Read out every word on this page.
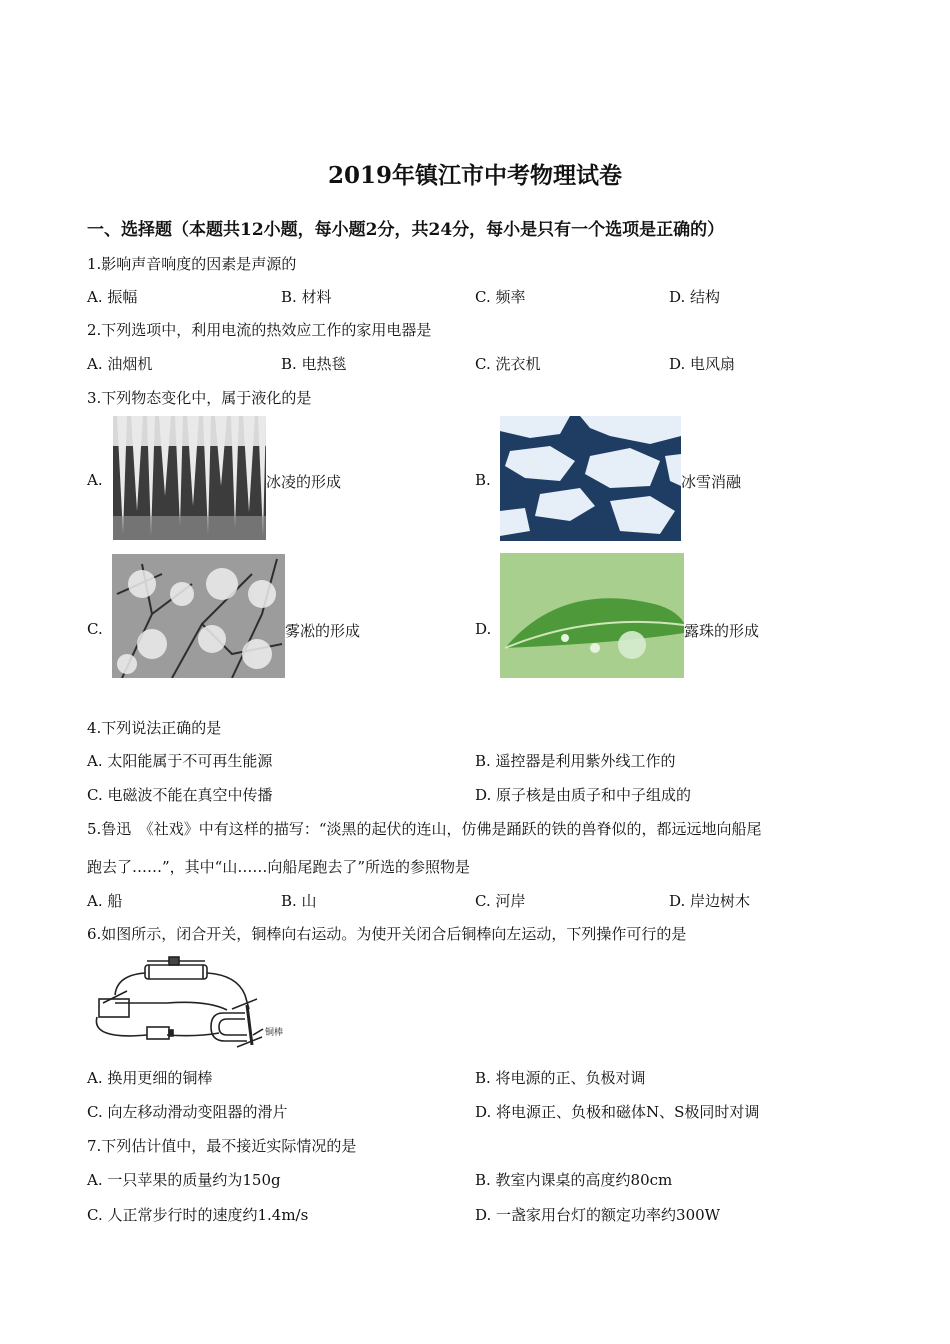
2019年镇江市中考物理试卷
一、选择题（本题共12小题，每小题2分，共24分，每小是只有一个选项是正确的）
1.影响声音响度的因素是声源的
A. 振幅	B. 材料	C. 频率	D. 结构
2.下列选项中，利用电流的热效应工作的家用电器是
A. 油烟机	B. 电热毯	C. 洗衣机	D. 电风扇
3.下列物态变化中，属于液化的是
A.	冰凌的形成	B.	冰雪消融
C.	雾凇的形成	D.	露珠的形成
4.下列说法正确的是
A. 太阳能属于不可再生能源	B. 遥控器是利用紫外线工作的
C. 电磁波不能在真空中传播	D. 原子核是由质子和中子组成的
5.鲁迅　《社戏》中有这样的描写：“淡黑的起伏的连山，仿佛是踊跃的铁的兽脊似的，都远远地向船尾
跑去了……”，其中“山……向船尾跑去了”所选的参照物是
A. 船	B. 山	C. 河岸	D. 岸边树木
6.如图所示，闭合开关，铜棒向右运动。为使开关闭合后铜棒向左运动，下列操作可行的是
铜棒
A. 换用更细的铜棒	B. 将电源的正、负极对调
C. 向左移动滑动变阻器的滑片	D. 将电源正、负极和磁体N、S极同时对调
7.下列估计值中，最不接近实际情况的是
A. 一只苹果的质量约为150g	B. 教室内课桌的高度约80cm
C. 人正常步行时的速度约1.4m/s	D. 一盏家用台灯的额定功率约300W
